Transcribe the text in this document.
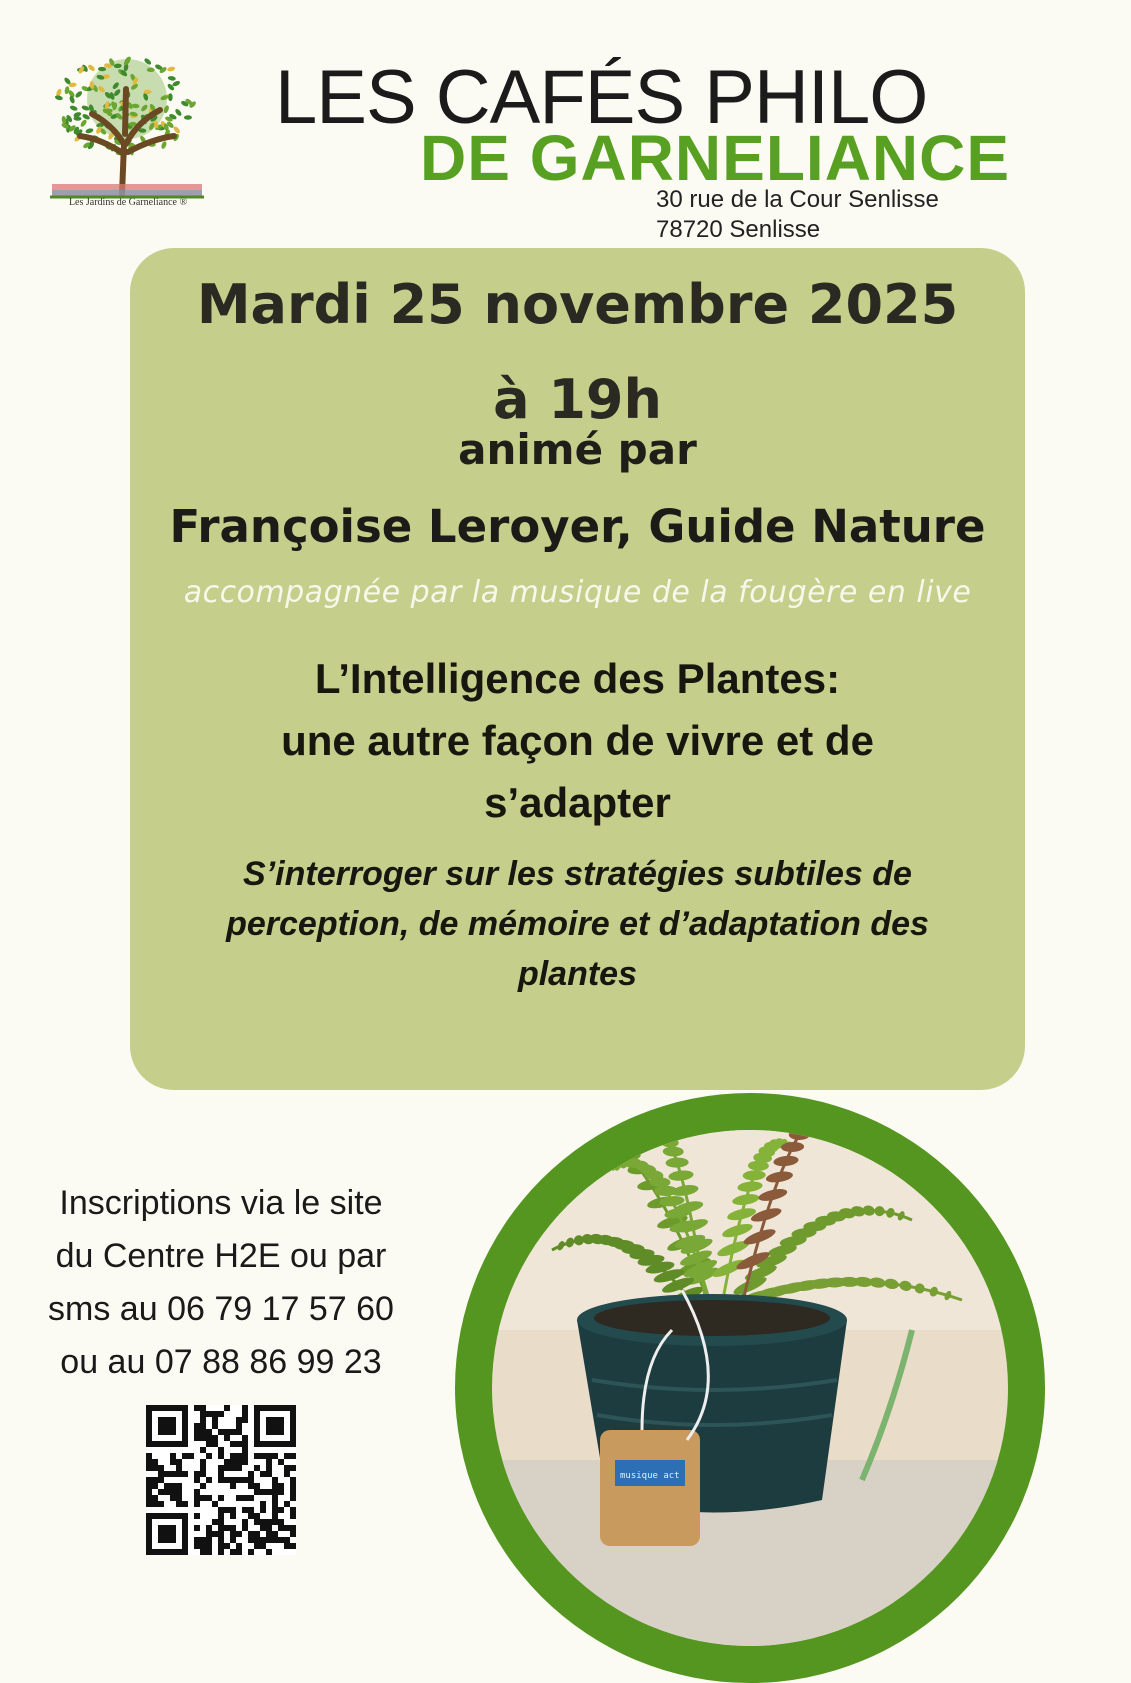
Les Jardins de Garneliance ®
LES CAFÉS PHILO
DE GARNELIANCE
30 rue de la Cour Senlisse
78720 Senlisse
Mardi 25 novembre 2025
à 19h
animé par
Françoise Leroyer, Guide Nature
accompagnée par la musique de la fougère en live
L’Intelligence des Plantes:
une autre façon de vivre et de
s’adapter
S’interroger sur les stratégies subtiles de
perception, de mémoire et d’adaptation des
plantes
Inscriptions via le site
du Centre H2E ou par
sms au 06 79 17 57 60
ou au 07 88 86 99 23
musique act
